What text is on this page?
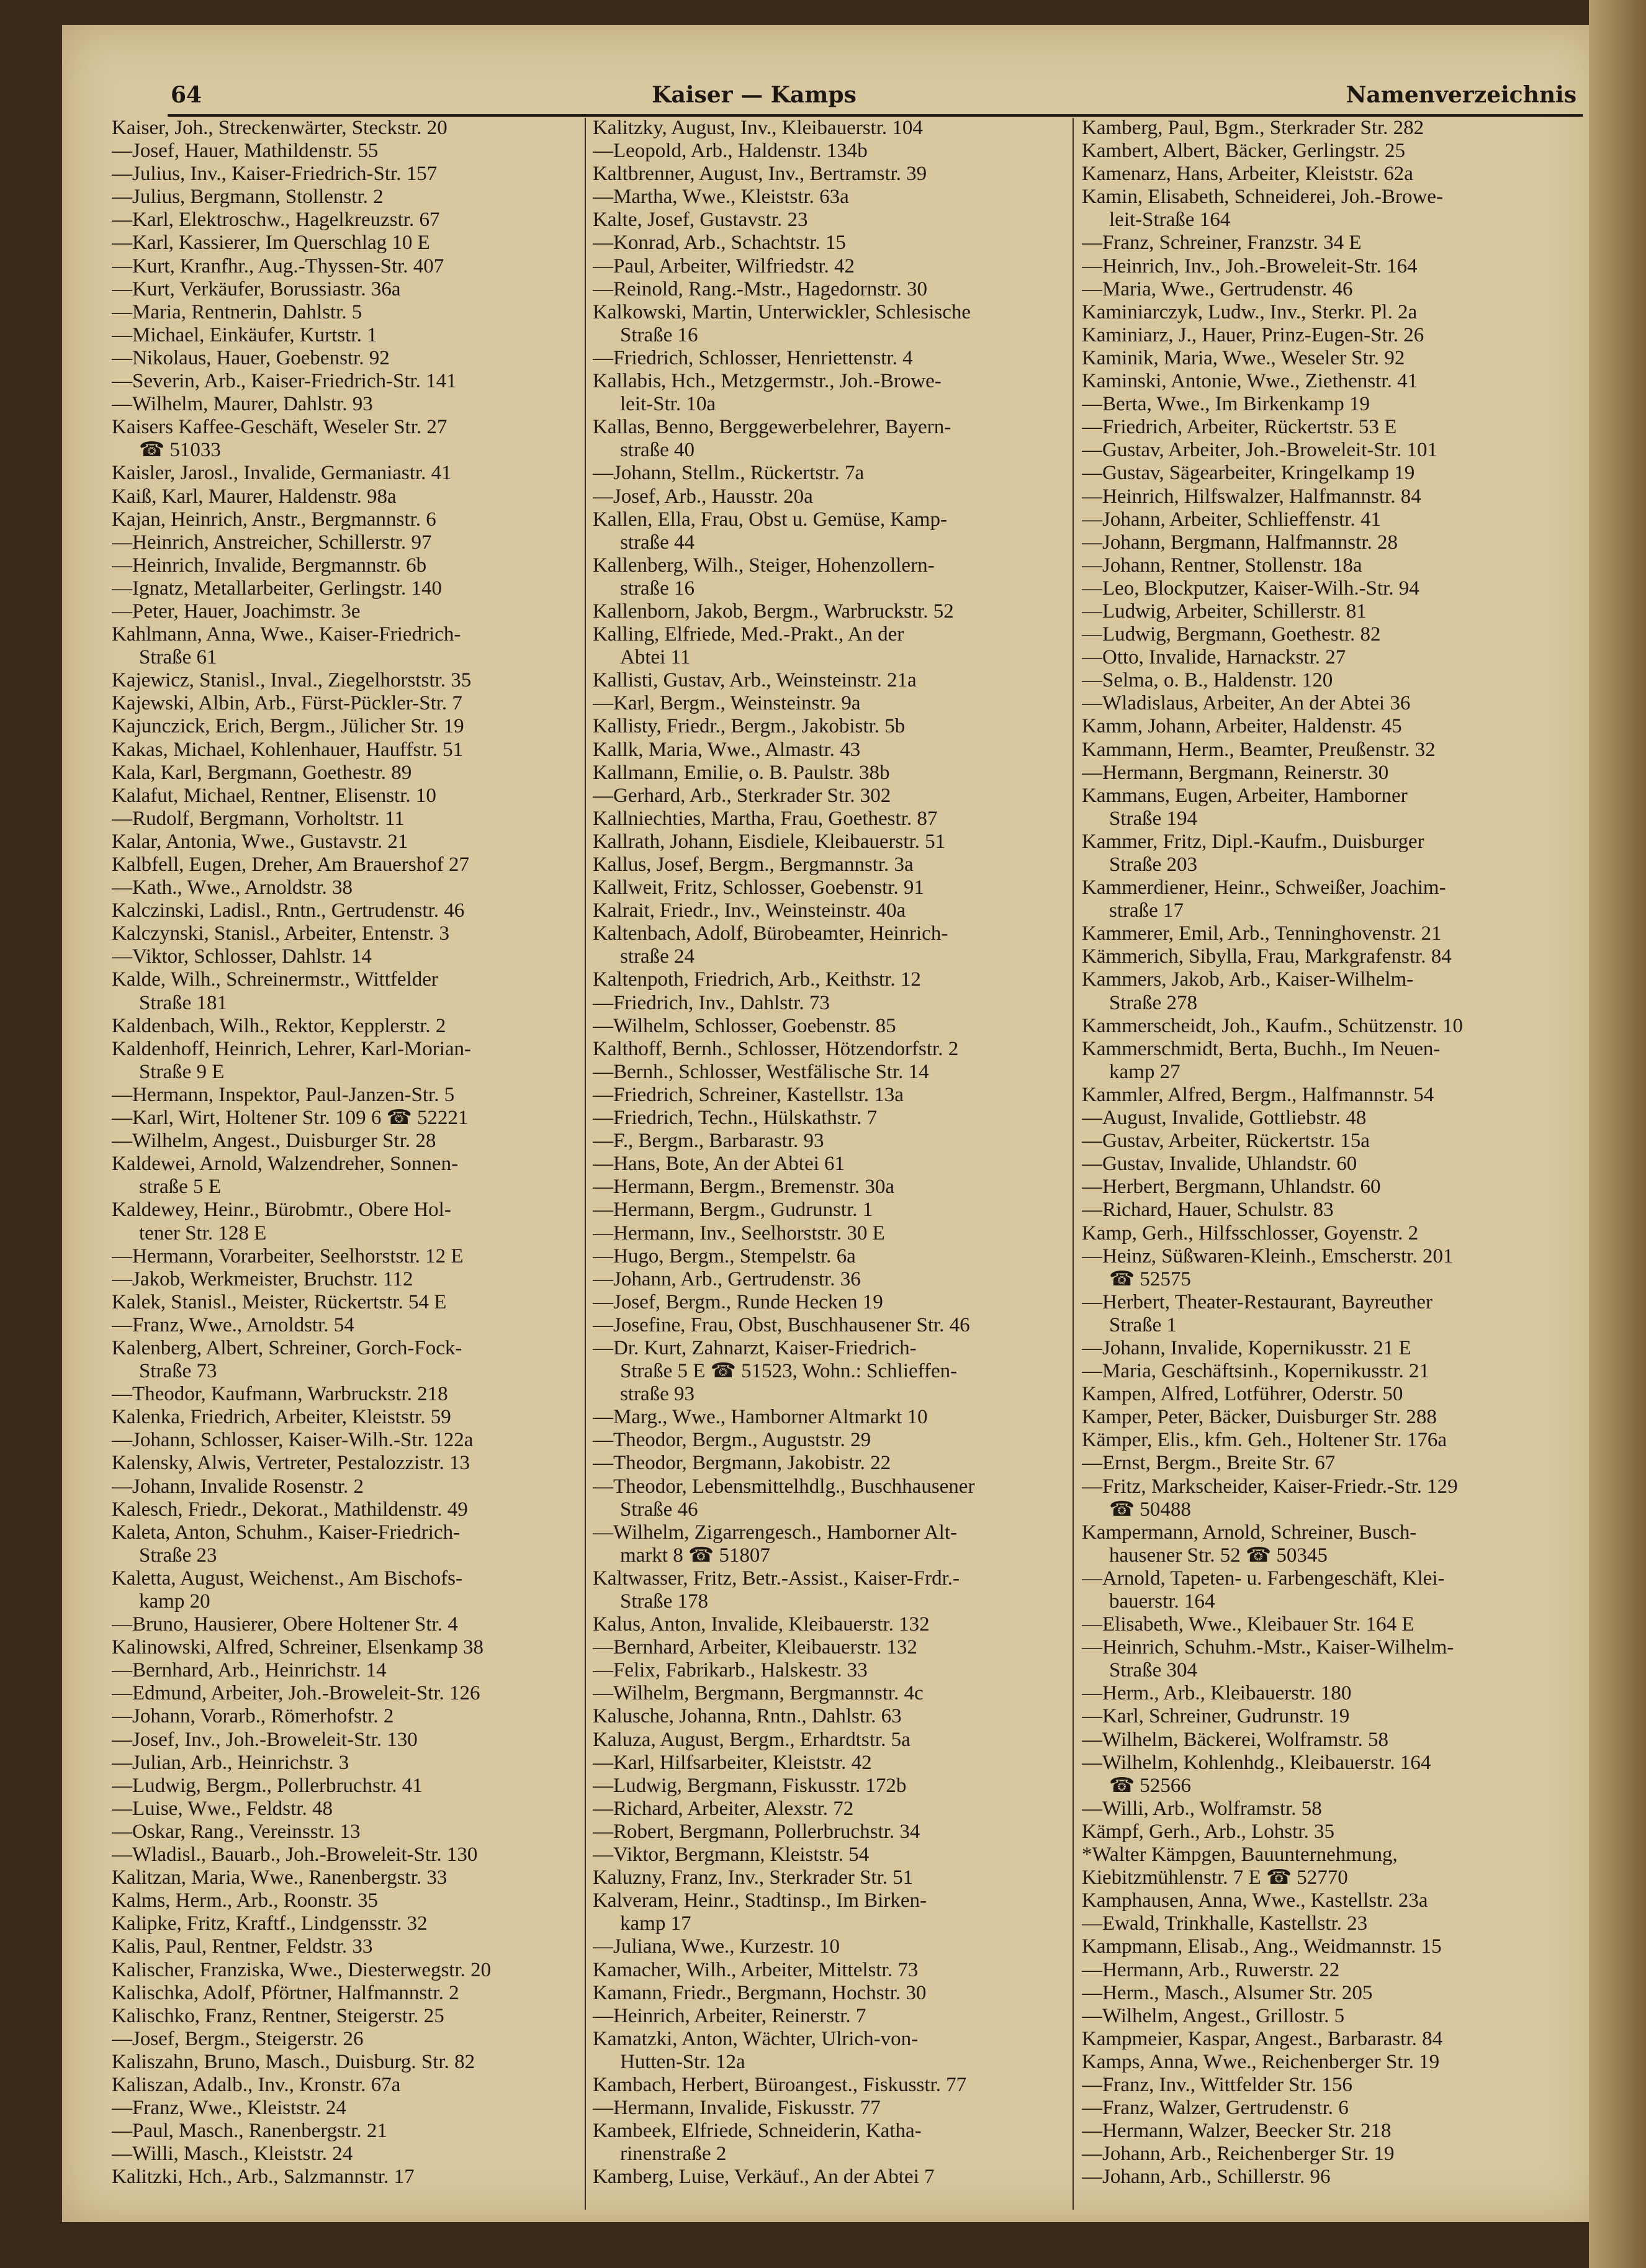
64	Kaiser — Kamps	Namenverzeichnis
Kaiser, Joh., Streckenwärter, Steckstr. 20
—Josef, Hauer, Mathildenstr. 55
—Julius, Inv., Kaiser-Friedrich-Str. 157
—Julius, Bergmann, Stollenstr. 2
—Karl, Elektroschw., Hagelkreuzstr. 67
—Karl, Kassierer, Im Querschlag 10 E
—Kurt, Kranfhr., Aug.-Thyssen-Str. 407
—Kurt, Verkäufer, Borussiastr. 36a
—Maria, Rentnerin, Dahlstr. 5
—Michael, Einkäufer, Kurtstr. 1
—Nikolaus, Hauer, Goebenstr. 92
—Severin, Arb., Kaiser-Friedrich-Str. 141
—Wilhelm, Maurer, Dahlstr. 93
Kaisers Kaffee-Geschäft, Weseler Str. 27
☎ 51033
Kaisler, Jarosl., Invalide, Germaniastr. 41
Kaiß, Karl, Maurer, Haldenstr. 98a
Kajan, Heinrich, Anstr., Bergmannstr. 6
—Heinrich, Anstreicher, Schillerstr. 97
—Heinrich, Invalide, Bergmannstr. 6b
—Ignatz, Metallarbeiter, Gerlingstr. 140
—Peter, Hauer, Joachimstr. 3e
Kahlmann, Anna, Wwe., Kaiser-Friedrich-
Straße 61
Kajewicz, Stanisl., Inval., Ziegelhorststr. 35
Kajewski, Albin, Arb., Fürst-Pückler-Str. 7
Kajunczick, Erich, Bergm., Jülicher Str. 19
Kakas, Michael, Kohlenhauer, Hauffstr. 51
Kala, Karl, Bergmann, Goethestr. 89
Kalafut, Michael, Rentner, Elisenstr. 10
—Rudolf, Bergmann, Vorholtstr. 11
Kalar, Antonia, Wwe., Gustavstr. 21
Kalbfell, Eugen, Dreher, Am Brauershof 27
—Kath., Wwe., Arnoldstr. 38
Kalczinski, Ladisl., Rntn., Gertrudenstr. 46
Kalczynski, Stanisl., Arbeiter, Entenstr. 3
—Viktor, Schlosser, Dahlstr. 14
Kalde, Wilh., Schreinermstr., Wittfelder
Straße 181
Kaldenbach, Wilh., Rektor, Kepplerstr. 2
Kaldenhoff, Heinrich, Lehrer, Karl-Morian-
Straße 9 E
—Hermann, Inspektor, Paul-Janzen-Str. 5
—Karl, Wirt, Holtener Str. 109 6 ☎ 52221
—Wilhelm, Angest., Duisburger Str. 28
Kaldewei, Arnold, Walzendreher, Sonnen-
straße 5 E
Kaldewey, Heinr., Bürobmtr., Obere Hol-
tener Str. 128 E
—Hermann, Vorarbeiter, Seelhorststr. 12 E
—Jakob, Werkmeister, Bruchstr. 112
Kalek, Stanisl., Meister, Rückertstr. 54 E
—Franz, Wwe., Arnoldstr. 54
Kalenberg, Albert, Schreiner, Gorch-Fock-
Straße 73
—Theodor, Kaufmann, Warbruckstr. 218
Kalenka, Friedrich, Arbeiter, Kleiststr. 59
—Johann, Schlosser, Kaiser-Wilh.-Str. 122a
Kalensky, Alwis, Vertreter, Pestalozzistr. 13
—Johann, Invalide Rosenstr. 2
Kalesch, Friedr., Dekorat., Mathildenstr. 49
Kaleta, Anton, Schuhm., Kaiser-Friedrich-
Straße 23
Kaletta, August, Weichenst., Am Bischofs-
kamp 20
—Bruno, Hausierer, Obere Holtener Str. 4
Kalinowski, Alfred, Schreiner, Elsenkamp 38
—Bernhard, Arb., Heinrichstr. 14
—Edmund, Arbeiter, Joh.-Broweleit-Str. 126
—Johann, Vorarb., Römerhofstr. 2
—Josef, Inv., Joh.-Broweleit-Str. 130
—Julian, Arb., Heinrichstr. 3
—Ludwig, Bergm., Pollerbruchstr. 41
—Luise, Wwe., Feldstr. 48
—Oskar, Rang., Vereinsstr. 13
—Wladisl., Bauarb., Joh.-Broweleit-Str. 130
Kalitzan, Maria, Wwe., Ranenbergstr. 33
Kalms, Herm., Arb., Roonstr. 35
Kalipke, Fritz, Kraftf., Lindgensstr. 32
Kalis, Paul, Rentner, Feldstr. 33
Kalischer, Franziska, Wwe., Diesterwegstr. 20
Kalischka, Adolf, Pförtner, Halfmannstr. 2
Kalischko, Franz, Rentner, Steigerstr. 25
—Josef, Bergm., Steigerstr. 26
Kaliszahn, Bruno, Masch., Duisburg. Str. 82
Kaliszan, Adalb., Inv., Kronstr. 67a
—Franz, Wwe., Kleiststr. 24
—Paul, Masch., Ranenbergstr. 21
—Willi, Masch., Kleiststr. 24
Kalitzki, Hch., Arb., Salzmannstr. 17
Kalitzky, August, Inv., Kleibauerstr. 104
—Leopold, Arb., Haldenstr. 134b
Kaltbrenner, August, Inv., Bertramstr. 39
—Martha, Wwe., Kleiststr. 63a
Kalte, Josef, Gustavstr. 23
—Konrad, Arb., Schachtstr. 15
—Paul, Arbeiter, Wilfriedstr. 42
—Reinold, Rang.-Mstr., Hagedornstr. 30
Kalkowski, Martin, Unterwickler, Schlesische
Straße 16
—Friedrich, Schlosser, Henriettenstr. 4
Kallabis, Hch., Metzgermstr., Joh.-Browe-
leit-Str. 10a
Kallas, Benno, Berggewerbelehrer, Bayern-
straße 40
—Johann, Stellm., Rückertstr. 7a
—Josef, Arb., Hausstr. 20a
Kallen, Ella, Frau, Obst u. Gemüse, Kamp-
straße 44
Kallenberg, Wilh., Steiger, Hohenzollern-
straße 16
Kallenborn, Jakob, Bergm., Warbruckstr. 52
Kalling, Elfriede, Med.-Prakt., An der
Abtei 11
Kallisti, Gustav, Arb., Weinsteinstr. 21a
—Karl, Bergm., Weinsteinstr. 9a
Kallisty, Friedr., Bergm., Jakobistr. 5b
Kallk, Maria, Wwe., Almastr. 43
Kallmann, Emilie, o. B. Paulstr. 38b
—Gerhard, Arb., Sterkrader Str. 302
Kallniechties, Martha, Frau, Goethestr. 87
Kallrath, Johann, Eisdiele, Kleibauerstr. 51
Kallus, Josef, Bergm., Bergmannstr. 3a
Kallweit, Fritz, Schlosser, Goebenstr. 91
Kalrait, Friedr., Inv., Weinsteinstr. 40a
Kaltenbach, Adolf, Bürobeamter, Heinrich-
straße 24
Kaltenpoth, Friedrich, Arb., Keithstr. 12
—Friedrich, Inv., Dahlstr. 73
—Wilhelm, Schlosser, Goebenstr. 85
Kalthoff, Bernh., Schlosser, Hötzendorfstr. 2
—Bernh., Schlosser, Westfälische Str. 14
—Friedrich, Schreiner, Kastellstr. 13a
—Friedrich, Techn., Hülskathstr. 7
—F., Bergm., Barbarastr. 93
—Hans, Bote, An der Abtei 61
—Hermann, Bergm., Bremenstr. 30a
—Hermann, Bergm., Gudrunstr. 1
—Hermann, Inv., Seelhorststr. 30 E
—Hugo, Bergm., Stempelstr. 6a
—Johann, Arb., Gertrudenstr. 36
—Josef, Bergm., Runde Hecken 19
—Josefine, Frau, Obst, Buschhausener Str. 46
—Dr. Kurt, Zahnarzt, Kaiser-Friedrich-
Straße 5 E ☎ 51523, Wohn.: Schlieffen-
straße 93
—Marg., Wwe., Hamborner Altmarkt 10
—Theodor, Bergm., Auguststr. 29
—Theodor, Bergmann, Jakobistr. 22
—Theodor, Lebensmittelhdlg., Buschhausener
Straße 46
—Wilhelm, Zigarrengesch., Hamborner Alt-
markt 8 ☎ 51807
Kaltwasser, Fritz, Betr.-Assist., Kaiser-Frdr.-
Straße 178
Kalus, Anton, Invalide, Kleibauerstr. 132
—Bernhard, Arbeiter, Kleibauerstr. 132
—Felix, Fabrikarb., Halskestr. 33
—Wilhelm, Bergmann, Bergmannstr. 4c
Kalusche, Johanna, Rntn., Dahlstr. 63
Kaluza, August, Bergm., Erhardtstr. 5a
—Karl, Hilfsarbeiter, Kleiststr. 42
—Ludwig, Bergmann, Fiskusstr. 172b
—Richard, Arbeiter, Alexstr. 72
—Robert, Bergmann, Pollerbruchstr. 34
—Viktor, Bergmann, Kleiststr. 54
Kaluzny, Franz, Inv., Sterkrader Str. 51
Kalveram, Heinr., Stadtinsp., Im Birken-
kamp 17
—Juliana, Wwe., Kurzestr. 10
Kamacher, Wilh., Arbeiter, Mittelstr. 73
Kamann, Friedr., Bergmann, Hochstr. 30
—Heinrich, Arbeiter, Reinerstr. 7
Kamatzki, Anton, Wächter, Ulrich-von-
Hutten-Str. 12a
Kambach, Herbert, Büroangest., Fiskusstr. 77
—Hermann, Invalide, Fiskusstr. 77
Kambeek, Elfriede, Schneiderin, Katha-
rinenstraße 2
Kamberg, Luise, Verkäuf., An der Abtei 7
Kamberg, Paul, Bgm., Sterkrader Str. 282
Kambert, Albert, Bäcker, Gerlingstr. 25
Kamenarz, Hans, Arbeiter, Kleiststr. 62a
Kamin, Elisabeth, Schneiderei, Joh.-Browe-
leit-Straße 164
—Franz, Schreiner, Franzstr. 34 E
—Heinrich, Inv., Joh.-Broweleit-Str. 164
—Maria, Wwe., Gertrudenstr. 46
Kaminiarczyk, Ludw., Inv., Sterkr. Pl. 2a
Kaminiarz, J., Hauer, Prinz-Eugen-Str. 26
Kaminik, Maria, Wwe., Weseler Str. 92
Kaminski, Antonie, Wwe., Ziethenstr. 41
—Berta, Wwe., Im Birkenkamp 19
—Friedrich, Arbeiter, Rückertstr. 53 E
—Gustav, Arbeiter, Joh.-Broweleit-Str. 101
—Gustav, Sägearbeiter, Kringelkamp 19
—Heinrich, Hilfswalzer, Halfmannstr. 84
—Johann, Arbeiter, Schlieffenstr. 41
—Johann, Bergmann, Halfmannstr. 28
—Johann, Rentner, Stollenstr. 18a
—Leo, Blockputzer, Kaiser-Wilh.-Str. 94
—Ludwig, Arbeiter, Schillerstr. 81
—Ludwig, Bergmann, Goethestr. 82
—Otto, Invalide, Harnackstr. 27
—Selma, o. B., Haldenstr. 120
—Wladislaus, Arbeiter, An der Abtei 36
Kamm, Johann, Arbeiter, Haldenstr. 45
Kammann, Herm., Beamter, Preußenstr. 32
—Hermann, Bergmann, Reinerstr. 30
Kammans, Eugen, Arbeiter, Hamborner
Straße 194
Kammer, Fritz, Dipl.-Kaufm., Duisburger
Straße 203
Kammerdiener, Heinr., Schweißer, Joachim-
straße 17
Kammerer, Emil, Arb., Tenninghovenstr. 21
Kämmerich, Sibylla, Frau, Markgrafenstr. 84
Kammers, Jakob, Arb., Kaiser-Wilhelm-
Straße 278
Kammerscheidt, Joh., Kaufm., Schützenstr. 10
Kammerschmidt, Berta, Buchh., Im Neuen-
kamp 27
Kammler, Alfred, Bergm., Halfmannstr. 54
—August, Invalide, Gottliebstr. 48
—Gustav, Arbeiter, Rückertstr. 15a
—Gustav, Invalide, Uhlandstr. 60
—Herbert, Bergmann, Uhlandstr. 60
—Richard, Hauer, Schulstr. 83
Kamp, Gerh., Hilfsschlosser, Goyenstr. 2
—Heinz, Süßwaren-Kleinh., Emscherstr. 201
☎ 52575
—Herbert, Theater-Restaurant, Bayreuther
Straße 1
—Johann, Invalide, Kopernikusstr. 21 E
—Maria, Geschäftsinh., Kopernikusstr. 21
Kampen, Alfred, Lotführer, Oderstr. 50
Kamper, Peter, Bäcker, Duisburger Str. 288
Kämper, Elis., kfm. Geh., Holtener Str. 176a
—Ernst, Bergm., Breite Str. 67
—Fritz, Markscheider, Kaiser-Friedr.-Str. 129
☎ 50488
Kampermann, Arnold, Schreiner, Busch-
hausener Str. 52 ☎ 50345
—Arnold, Tapeten- u. Farbengeschäft, Klei-
bauerstr. 164
—Elisabeth, Wwe., Kleibauer Str. 164 E
—Heinrich, Schuhm.-Mstr., Kaiser-Wilhelm-
Straße 304
—Herm., Arb., Kleibauerstr. 180
—Karl, Schreiner, Gudrunstr. 19
—Wilhelm, Bäckerei, Wolframstr. 58
—Wilhelm, Kohlenhdg., Kleibauerstr. 164
☎ 52566
—Willi, Arb., Wolframstr. 58
Kämpf, Gerh., Arb., Lohstr. 35
*Walter Kämpgen, Bauunternehmung,
Kiebitzmühlenstr. 7 E ☎ 52770
Kamphausen, Anna, Wwe., Kastellstr. 23a
—Ewald, Trinkhalle, Kastellstr. 23
Kampmann, Elisab., Ang., Weidmannstr. 15
—Hermann, Arb., Ruwerstr. 22
—Herm., Masch., Alsumer Str. 205
—Wilhelm, Angest., Grillostr. 5
Kampmeier, Kaspar, Angest., Barbarastr. 84
Kamps, Anna, Wwe., Reichenberger Str. 19
—Franz, Inv., Wittfelder Str. 156
—Franz, Walzer, Gertrudenstr. 6
—Hermann, Walzer, Beecker Str. 218
—Johann, Arb., Reichenberger Str. 19
—Johann, Arb., Schillerstr. 96
